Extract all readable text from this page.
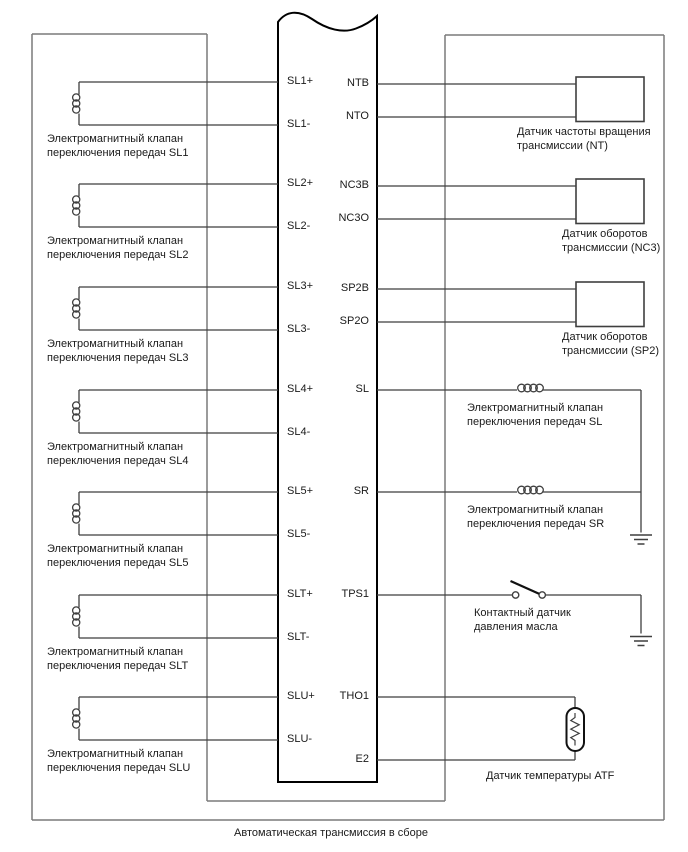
SL1+
SL1-
SL2+
SL2-
SL3+
SL3-
SL4+
SL4-
SL5+
SL5-
SLT+
SLT-
SLU+
SLU-
NTB
NTO
NC3B
NC3O
SP2B
SP2O
SL
SR
TPS1
THO1
E2
Электромагнитный клапан
переключения передач SL1
Электромагнитный клапан
переключения передач SL2
Электромагнитный клапан
переключения передач SL3
Электромагнитный клапан
переключения передач SL4
Электромагнитный клапан
переключения передач SL5
Электромагнитный клапан
переключения передач SLT
Электромагнитный клапан
переключения передач SLU
Датчик частоты вращения
трансмиссии (NT)
Датчик оборотов
трансмиссии (NC3)
Датчик оборотов
трансмиссии (SP2)
Электромагнитный клапан
переключения передач SL
Электромагнитный клапан
переключения передач SR
Контактный датчик
давления масла
Датчик температуры ATF
Автоматическая трансмиссия в сборе
